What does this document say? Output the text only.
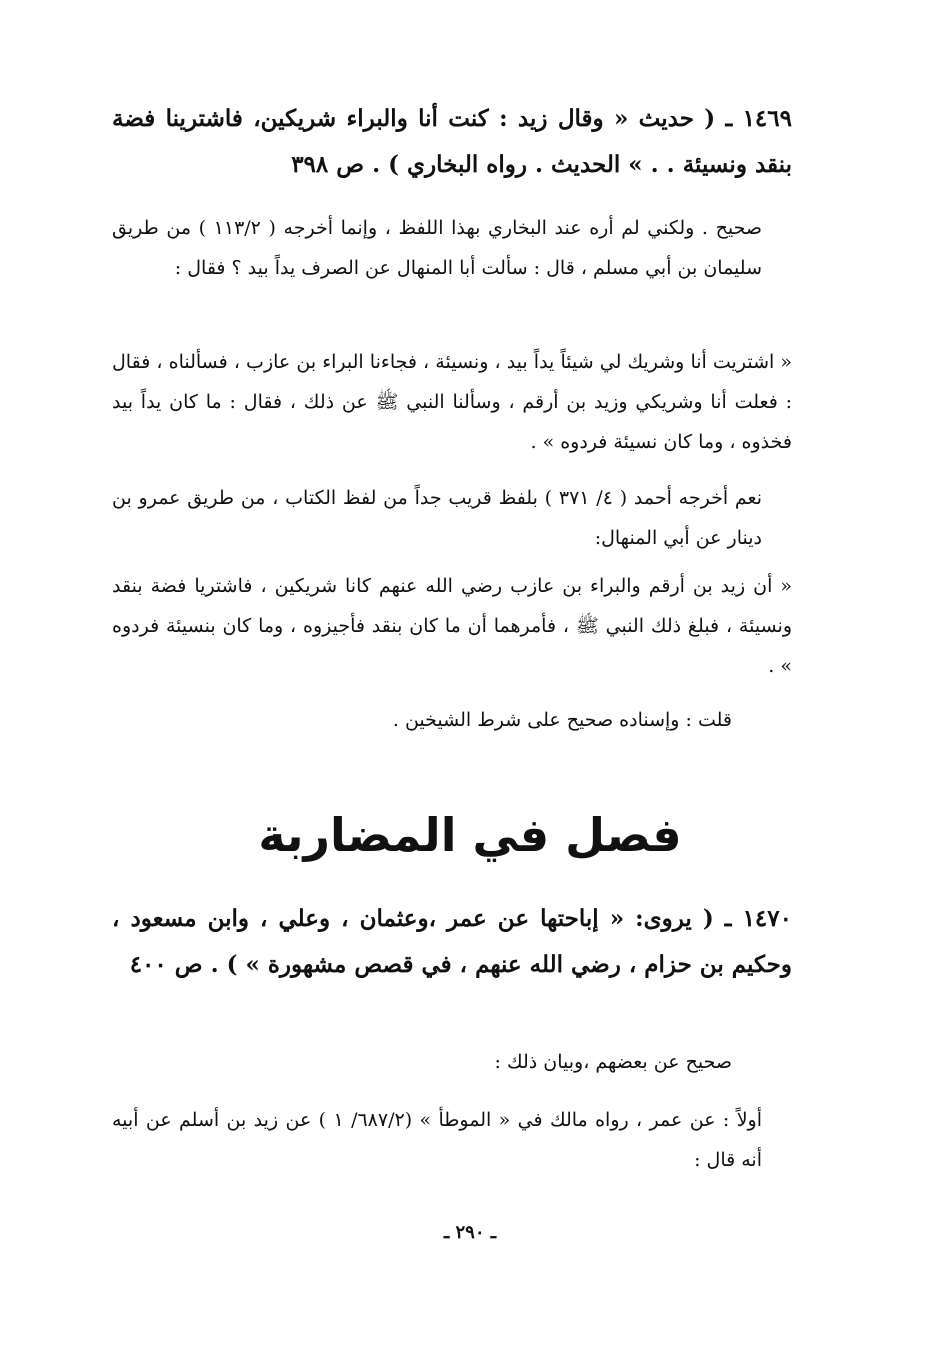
١٤٦٩ ـ ( حديث « وقال زيد : كنت أنا والبراء شريكين، فاشترينا فضة بنقد ونسيئة . . » الحديث . رواه البخاري ) . ص ٣٩٨

صحيح . ولكني لم أره عند البخاري بهذا اللفظ ، وإنما أخرجه ( ١١٣/٢ ) من طريق سليمان بن أبي مسلم ، قال : سألت أبا المنهال عن الصرف يداً بيد ؟ فقال :

« اشتريت أنا وشريك لي شيئاً يداً بيد ، ونسيئة ، فجاءنا البراء بن عازب ، فسألناه ، فقال : فعلت أنا وشريكي وزيد بن أرقم ، وسألنا النبي ﷺ عن ذلك ، فقال : ما كان يداً بيد فخذوه ، وما كان نسيئة فردوه » .

نعم أخرجه أحمد ( ٤/ ٣٧١ ) بلفظ قريب جداً من لفظ الكتاب ، من طريق عمرو بن دينار عن أبي المنهال:

« أن زيد بن أرقم والبراء بن عازب رضي الله عنهم كانا شريكين ، فاشتريا فضة بنقد ونسيئة ، فبلغ ذلك النبي ﷺ ، فأمرهما أن ما كان بنقد فأجيزوه ، وما كان بنسيئة فردوه » .

قلت : وإسناده صحيح على شرط الشيخين .

فصل في المضاربة

١٤٧٠ ـ ( يروى: « إباحتها عن عمر ،وعثمان ، وعلي ، وابن مسعود ، وحكيم بن حزام ، رضي الله عنهم ، في قصص مشهورة » ) . ص ٤٠٠

صحيح عن بعضهم ،وبيان ذلك :

أولاً : عن عمر ، رواه مالك في « الموطأ » (٦٨٧/٢/ ١ ) عن زيد بن أسلم عن أبيه أنه قال :

ـ ٢٩٠ ـ
